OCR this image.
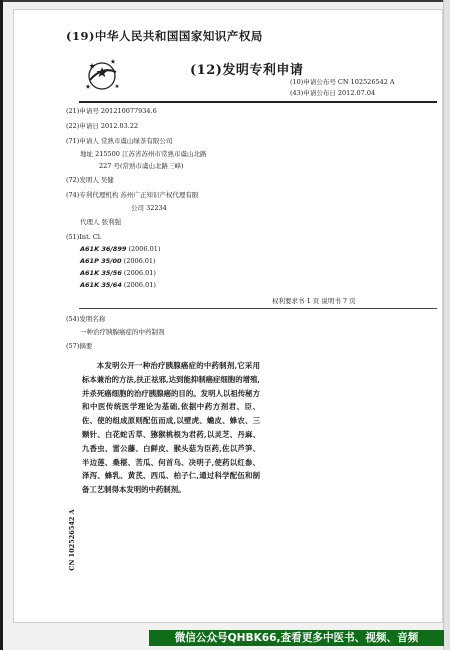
(19)中华人民共和国国家知识产权局
(12)发明专利申请
(10)申请公布号 CN 102526542 A
(43)申请公布日 2012.07.04
(21)申请号 201210077934.6
(22)申请日 2012.03.22
(71)申请人 常熟市虞山绿茶有限公司
地址 215500 江苏省苏州市常熟市虞山北路
227 号(常熟市虞山北路三峰)
(72)发明人 吴健
(74)专利代理机构 苏州广正知识产权代理有限
公司 32234
代理人 张利强
(51)Int. Cl.
A61K 36/899 (2006.01)
A61P 35/00 (2006.01)
A61K 35/56 (2006.01)
A61K 35/64 (2006.01)
权利要求书 1 页 说明书 7 页
(54)发明名称
一种治疗胰腺癌症的中药制剂
(57)摘要

本发明公开一种治疗胰腺癌症的中药制剂,它采用标本兼治的方法,扶正祛邪,达到能抑制癌症细胞的增殖,并杀死癌细胞的治疗胰腺癌的目的。发明人以祖传秘方和中医传统医学理论为基础,依据中药方剂君、臣、佐、使的组成原则配伍而成,以壁虎、蟾皮、蜂农、三颗针、白花蛇舌草、猕猴桃根为君药,以灵芝、丹麻、九香虫、雷公藤、白鲜皮、猴头菇为臣药,佐以芦笋、半边莲、桑椹、苦瓜、何首乌、决明子,使药以红参、泽泻、蜂乳、黄芪、西瓜、柏子仁,通过科学配伍和制备工艺制得本发明的中药制剂。

CN 102526542 A
微信公众号QHBK66,查看更多中医书、视频、音频
